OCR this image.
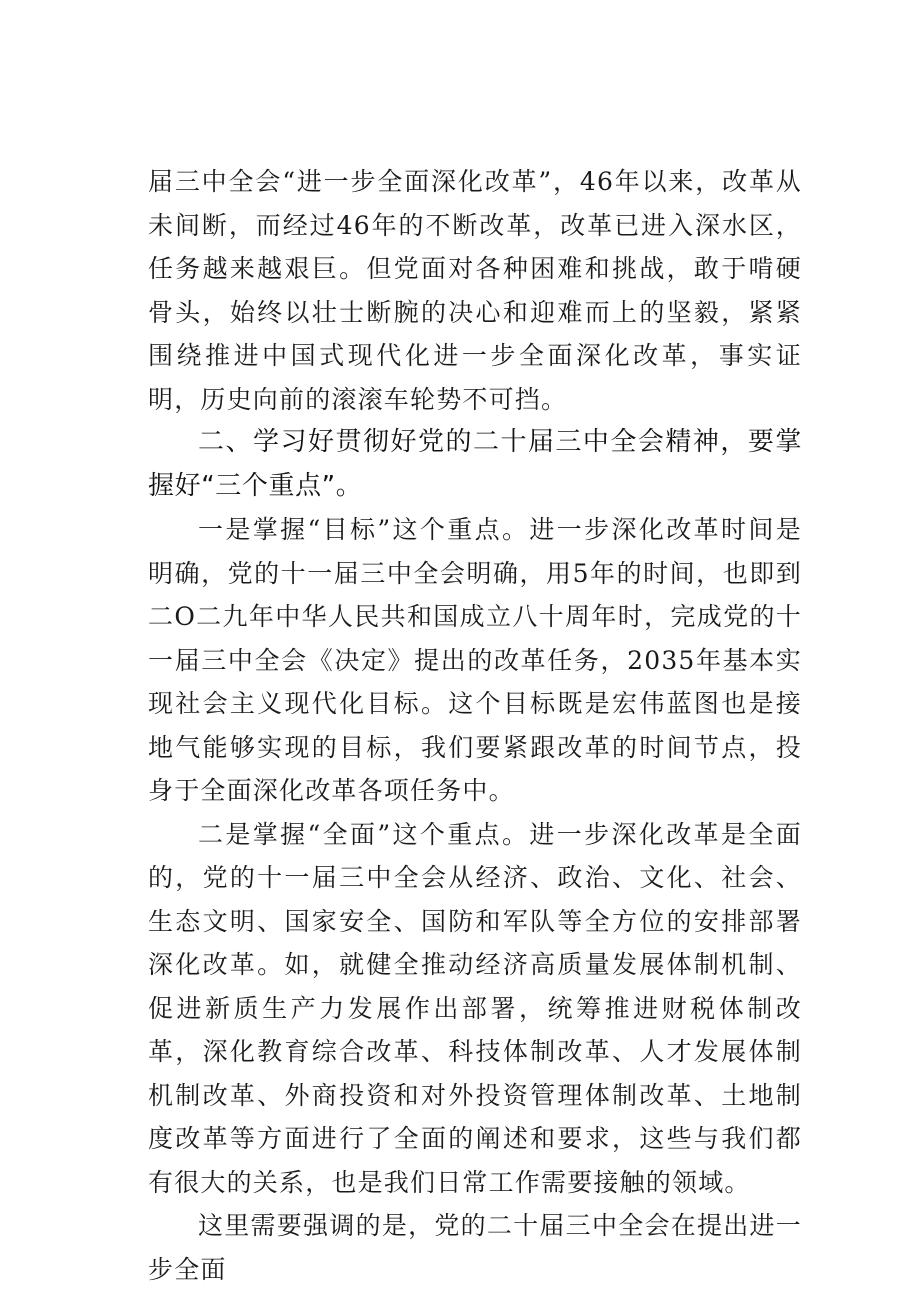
届三中全会“进一步全面深化改革”，46年以来，改革从未间断，而经过46年的不断改革，改革已进入深水区，任务越来越艰巨。但党面对各种困难和挑战，敢于啃硬骨头，始终以壮士断腕的决心和迎难而上的坚毅，紧紧围绕推进中国式现代化进一步全面深化改革，事实证明，历史向前的滚滚车轮势不可挡。

二、学习好贯彻好党的二十届三中全会精神，要掌握好“三个重点”。

一是掌握“目标”这个重点。进一步深化改革时间是明确，党的十一届三中全会明确，用5年的时间，也即到二O二九年中华人民共和国成立八十周年时，完成党的十一届三中全会《决定》提出的改革任务，2035年基本实现社会主义现代化目标。这个目标既是宏伟蓝图也是接地气能够实现的目标，我们要紧跟改革的时间节点，投身于全面深化改革各项任务中。

二是掌握“全面”这个重点。进一步深化改革是全面的，党的十一届三中全会从经济、政治、文化、社会、生态文明、国家安全、国防和军队等全方位的安排部署深化改革。如，就健全推动经济高质量发展体制机制、促进新质生产力发展作出部署，统筹推进财税体制改革，深化教育综合改革、科技体制改革、人才发展体制机制改革、外商投资和对外投资管理体制改革、土地制度改革等方面进行了全面的阐述和要求，这些与我们都有很大的关系，也是我们日常工作需要接触的领域。

这里需要强调的是，党的二十届三中全会在提出进一步全面
